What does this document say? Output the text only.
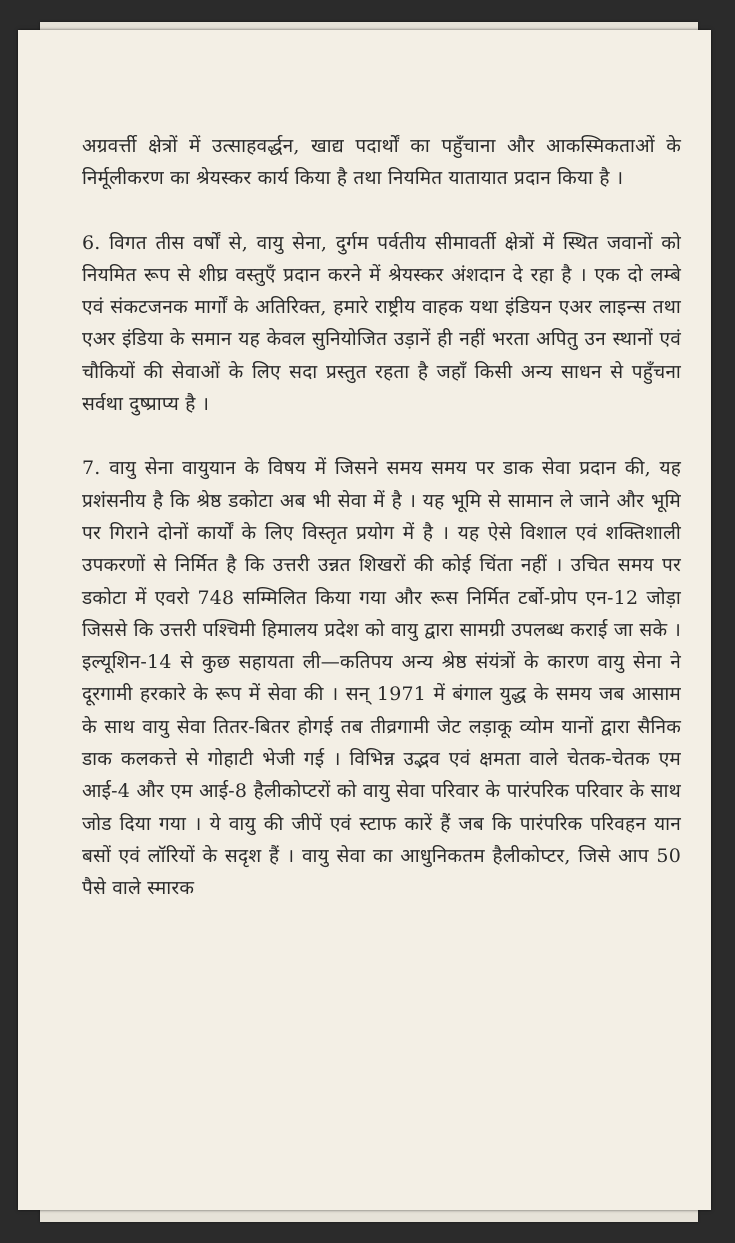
अग्रवर्त्ती क्षेत्रों में उत्साहवर्द्धन, खाद्य पदार्थों का पहुँचाना और आकस्मिकताओं के निर्मूलीकरण का श्रेयस्कर कार्य किया है तथा नियमित यातायात प्रदान किया है ।

6. विगत तीस वर्षों से, वायु सेना, दुर्गम पर्वतीय सीमावर्ती क्षेत्रों में स्थित जवानों को नियमित रूप से शीघ्र वस्तुएँ प्रदान करने में श्रेयस्कर अंशदान दे रहा है । एक दो लम्बे एवं संकटजनक मार्गों के अतिरिक्त, हमारे राष्ट्रीय वाहक यथा इंडियन एअर लाइन्स तथा एअर इंडिया के समान यह केवल सुनियोजित उड़ानें ही नहीं भरता अपितु उन स्थानों एवं चौकियों की सेवाओं के लिए सदा प्रस्तुत रहता है जहाँ किसी अन्य साधन से पहुँचना सर्वथा दुष्प्राप्य है ।

7. वायु सेना वायुयान के विषय में जिसने समय समय पर डाक सेवा प्रदान की, यह प्रशंसनीय है कि श्रेष्ठ डकोटा अब भी सेवा में है । यह भूमि से सामान ले जाने और भूमि पर गिराने दोनों कार्यों के लिए विस्तृत प्रयोग में है । यह ऐसे विशाल एवं शक्तिशाली उपकरणों से निर्मित है कि उत्तरी उन्नत शिखरों की कोई चिंता नहीं । उचित समय पर डकोटा में एवरो 748 सम्मिलित किया गया और रूस निर्मित टर्बो-प्रोप एन-12 जोड़ा जिससे कि उत्तरी पश्चिमी हिमालय प्रदेश को वायु द्वारा सामग्री उपलब्ध कराई जा सके । इल्यूशिन-14 से कुछ सहायता ली—कतिपय अन्य श्रेष्ठ संयंत्रों के कारण वायु सेना ने दूरगामी हरकारे के रूप में सेवा की । सन् 1971 में बंगाल युद्ध के समय जब आसाम के साथ वायु सेवा तितर-बितर होगई तब तीव्रगामी जेट लड़ाकू व्योम यानों द्वारा सैनिक डाक कलकत्ते से गोहाटी भेजी गई । विभिन्न उद्भव एवं क्षमता वाले चेतक-चेतक एम आई-4 और एम आई-8 हैलीकोप्टरों को वायु सेवा परिवार के पारंपरिक परिवार के साथ जोड दिया गया । ये वायु की जीपें एवं स्टाफ कारें हैं जब कि पारंपरिक परिवहन यान बसों एवं लॉरियों के सदृश हैं । वायु सेवा का आधुनिकतम हैलीकोप्टर, जिसे आप 50 पैसे वाले स्मारक
